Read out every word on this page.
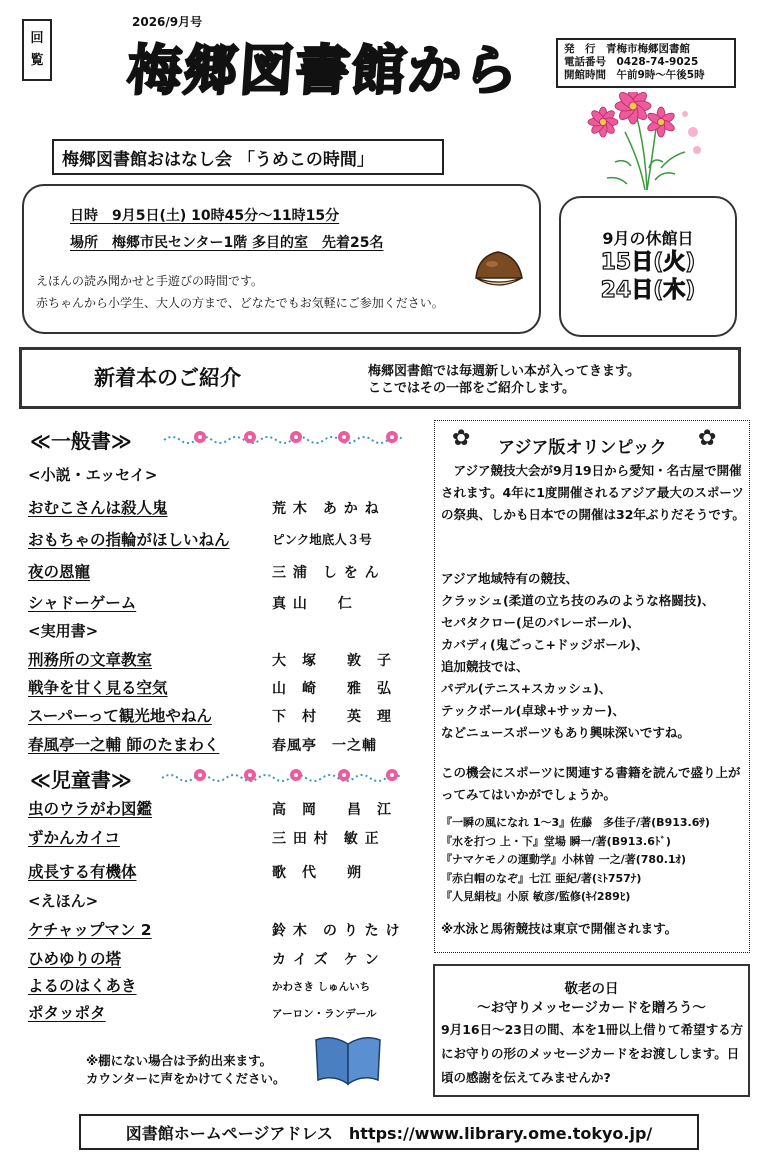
回
覧
2026/9月号
梅郷図書館から	発　行　青梅市梅郷図書館
電話番号　0428-74-9025
開館時間　午前9時～午後5時
梅郷図書館おはなし会 「うめこの時間」
日時　9月5日(土) 10時45分～11時15分
場所　梅郷市民センター1階 多目的室　先着25名
えほんの読み聞かせと手遊びの時間です。
赤ちゃんから小学生、大人の方まで、どなたでもお気軽にご参加ください。
9月の休館日
15日(火)
24日(木)
新着本のご紹介	梅郷図書館では毎週新しい本が入ってきます。
ここではその一部をご紹介します。
≪一般書≫
<小説・エッセイ>
おむこさんは殺人鬼	荒 木　あ か ね
おもちゃの指輪がほしいねん	ピンク地底人３号
夜の恩寵	三 浦　し を ん
シャドーゲーム	真 山　　仁
<実用書>
刑務所の文章教室	大　塚　　敦　子
戦争を甘く見る空気	山　崎　　雅　弘
スーパーって観光地やねん	下　村　　英　理
春風亭一之輔 師のたまわく	春風亭　一之輔
≪児童書≫
虫のウラがわ図鑑	高　岡　　昌　江
ずかんカイコ	三 田 村　敏 正
成長する有機体	歌　代　　朔
<えほん>
ケチャップマン 2	鈴 木　の り た け
ひめゆりの塔	カ イ ズ　ケ ン
よるのはくあき	かわさき しゅんいち
ポタッポタ	アーロン・ランデール
※棚にない場合は予約出来ます。
カウンターに声をかけてください。
✿ アジア版オリンピック ✿
　アジア競技大会が9月19日から愛知・名古屋で開催されます。4年に1度開催されるアジア最大のスポーツの祭典、しかも日本での開催は32年ぶりだそうです。
アジア地域特有の競技、
クラッシュ(柔道の立ち技のみのような格闘技)、
セパタクロー(足のバレーボール)、
カバディ(鬼ごっこ+ドッジボール)、
追加競技では、
パデル(テニス+スカッシュ)、
テックボール(卓球+サッカー)、
などニュースポーツもあり興味深いですね。
この機会にスポーツに関連する書籍を読んで盛り上がってみてはいかがでしょうか。
『一瞬の風になれ 1～3』佐藤　多佳子/著(B913.6ｻ)
『水を打つ 上・下』堂場 瞬一/著(B913.6ﾄﾞ)
『ナマケモノの運動学』小林曽 一之/著(780.1ｵ)
『赤白帽のなぞ』七江 亜紀/著(ﾐﾄ757ﾅ)
『人見絹枝』小原 敏彦/監修(ｷｲ289ﾋ)
※水泳と馬術競技は東京で開催されます。
敬老の日
～お守りメッセージカードを贈ろう～
9月16日～23日の間、本を1冊以上借りて希望する方にお守りの形のメッセージカードをお渡しします。日頃の感謝を伝えてみませんか?
図書館ホームページアドレス　https://www.library.ome.tokyo.jp/
